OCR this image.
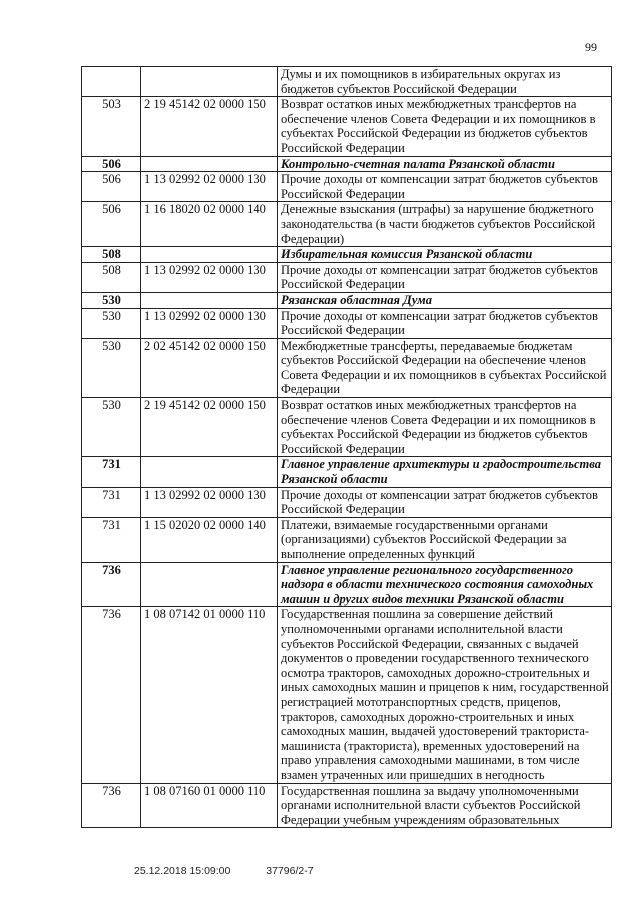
99
		Думы и их помощников в избирательных округах из бюджетов субъектов Российской Федерации
503	2 19 45142 02 0000 150	Возврат остатков иных межбюджетных трансфертов на обеспечение членов Совета Федерации и их помощников в субъектах Российской Федерации из бюджетов субъектов Российской Федерации
506		Контрольно-счетная палата Рязанской области
506	1 13 02992 02 0000 130	Прочие доходы от компенсации затрат бюджетов субъектов Российской Федерации
506	1 16 18020 02 0000 140	Денежные взыскания (штрафы) за нарушение бюджетного законодательства (в части бюджетов субъектов Российской Федерации)
508		Избирательная комиссия Рязанской области
508	1 13 02992 02 0000 130	Прочие доходы от компенсации затрат бюджетов субъектов Российской Федерации
530		Рязанская областная Дума
530	1 13 02992 02 0000 130	Прочие доходы от компенсации затрат бюджетов субъектов Российской Федерации
530	2 02 45142 02 0000 150	Межбюджетные трансферты, передаваемые бюджетам субъектов Российской Федерации на обеспечение членов Совета Федерации и их помощников в субъектах Российской Федерации
530	2 19 45142 02 0000 150	Возврат остатков иных межбюджетных трансфертов на обеспечение членов Совета Федерации и их помощников в субъектах Российской Федерации из бюджетов субъектов Российской Федерации
731		Главное управление архитектуры и градостроительства Рязанской области
731	1 13 02992 02 0000 130	Прочие доходы от компенсации затрат бюджетов субъектов Российской Федерации
731	1 15 02020 02 0000 140	Платежи, взимаемые государственными органами (организациями) субъектов Российской Федерации за выполнение определенных функций
736		Главное управление регионального государственного надзора в области технического состояния самоходных машин и других видов техники Рязанской области
736	1 08 07142 01 0000 110	Государственная пошлина за совершение действий уполномоченными органами исполнительной власти субъектов Российской Федерации, связанных с выдачей документов о проведении государственного технического осмотра тракторов, самоходных дорожно-строительных и иных самоходных машин и прицепов к ним, государственной регистрацией мототранспортных средств, прицепов, тракторов, самоходных дорожно-строительных и иных самоходных машин, выдачей удостоверений тракториста-машиниста (тракториста), временных удостоверений на право управления самоходными машинами, в том числе взамен утраченных или пришедших в негодность
736	1 08 07160 01 0000 110	Государственная пошлина за выдачу уполномоченными органами исполнительной власти субъектов Российской Федерации учебным учреждениям образовательных
25.12.2018 15:09:00	37796/2-7
